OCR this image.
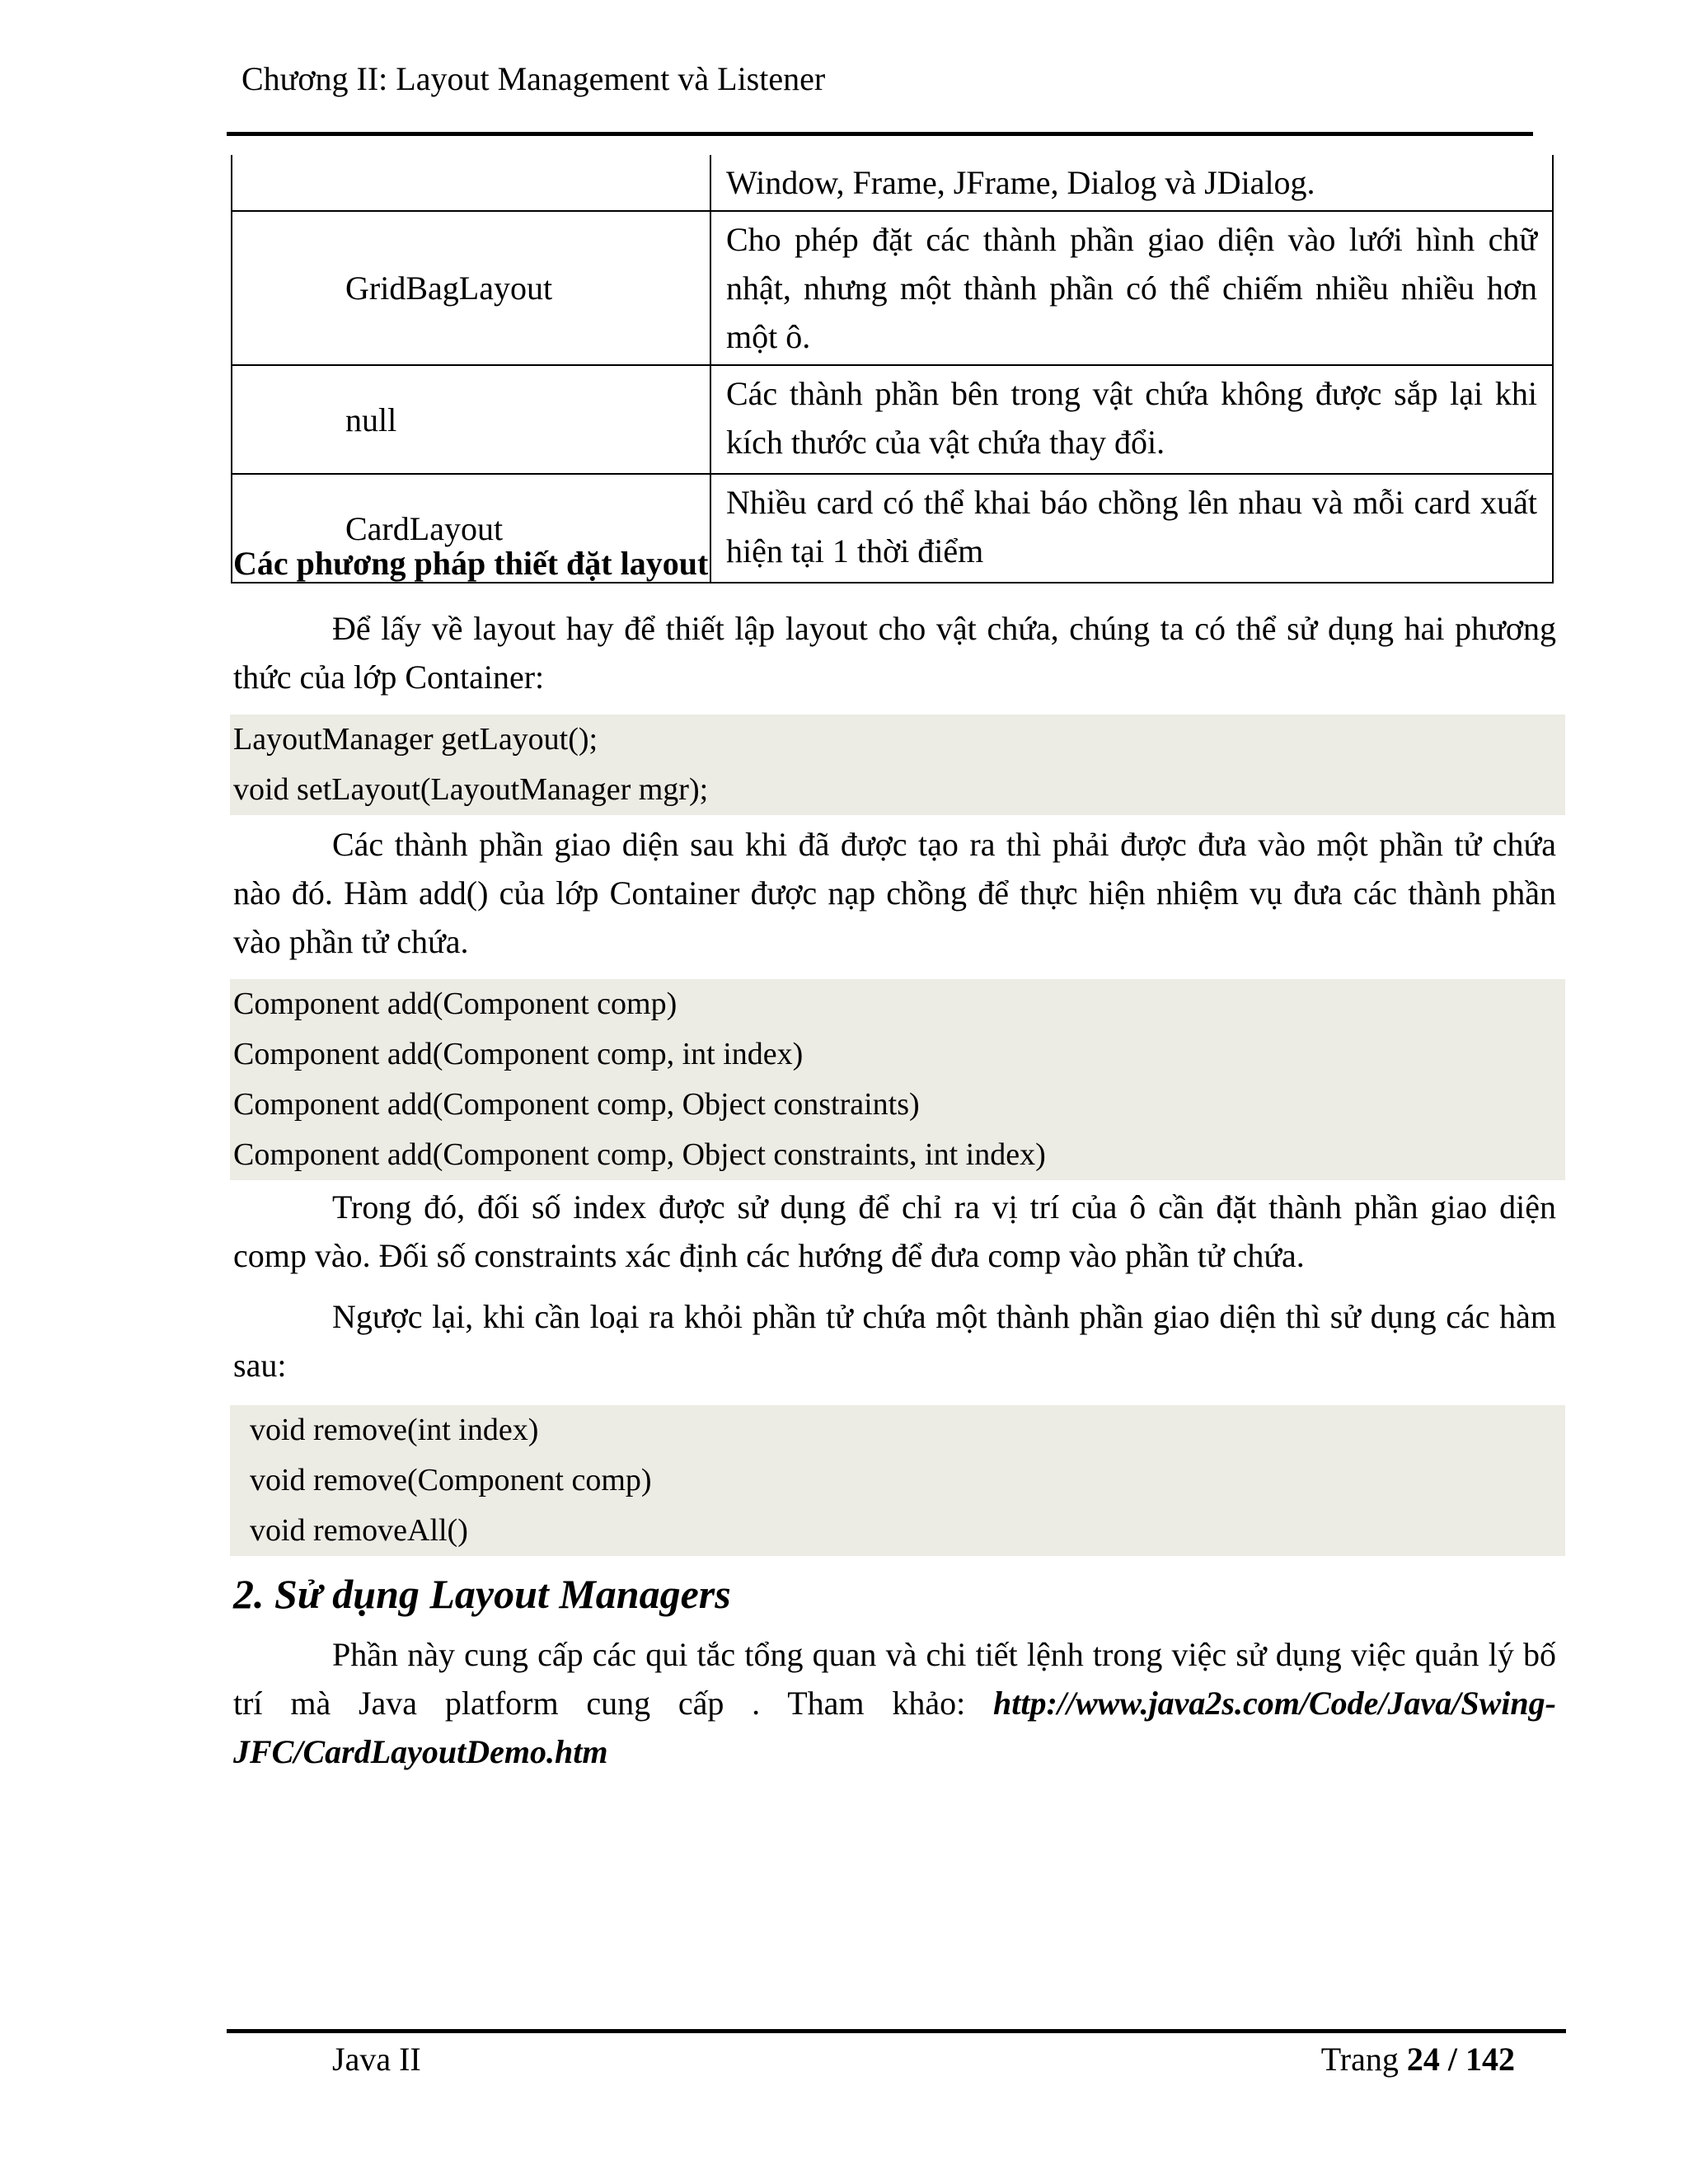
Chương II: Layout Management và Listener
	Window, Frame, JFrame, Dialog và JDialog.
GridBagLayout	Cho phép đặt các thành phần giao diện vào lưới hình chữ nhật, nhưng một thành phần có thể chiếm nhiều nhiều hơn một ô.
null	Các thành phần bên trong vật chứa không được sắp lại khi kích thước của vật chứa thay đổi.
CardLayout	Nhiều card có thể khai báo chồng lên nhau và mỗi card xuất hiện tại 1 thời điểm
Các phương pháp thiết đặt layout
Để lấy về layout hay để thiết lập layout cho vật chứa, chúng ta có thể sử dụng hai phương thức của lớp Container:
LayoutManager getLayout();
void setLayout(LayoutManager mgr);
Các thành phần giao diện sau khi đã được tạo ra thì phải được đưa vào một phần tử chứa nào đó. Hàm add() của lớp Container được nạp chồng để thực hiện nhiệm vụ đưa các thành phần vào phần tử chứa.
Component add(Component comp)
Component add(Component comp, int index)
Component add(Component comp, Object constraints)
Component add(Component comp, Object constraints, int index)
Trong đó, đối số index được sử dụng để chỉ ra vị trí của ô cần đặt thành phần giao diện comp vào. Đối số constraints xác định các hướng để đưa comp vào phần tử chứa.
Ngược lại, khi cần loại ra khỏi phần tử chứa một thành phần giao diện thì sử dụng các hàm sau:
void remove(int index)
void remove(Component comp)
void removeAll()
2. Sử dụng Layout Managers
Phần này cung cấp các qui tắc tổng quan và chi tiết lệnh trong việc sử dụng việc quản lý bố trí mà Java platform cung cấp . Tham khảo: http://www.java2s.com/Code/Java/Swing-JFC/CardLayoutDemo.htm
Java II	Trang 24 / 142
